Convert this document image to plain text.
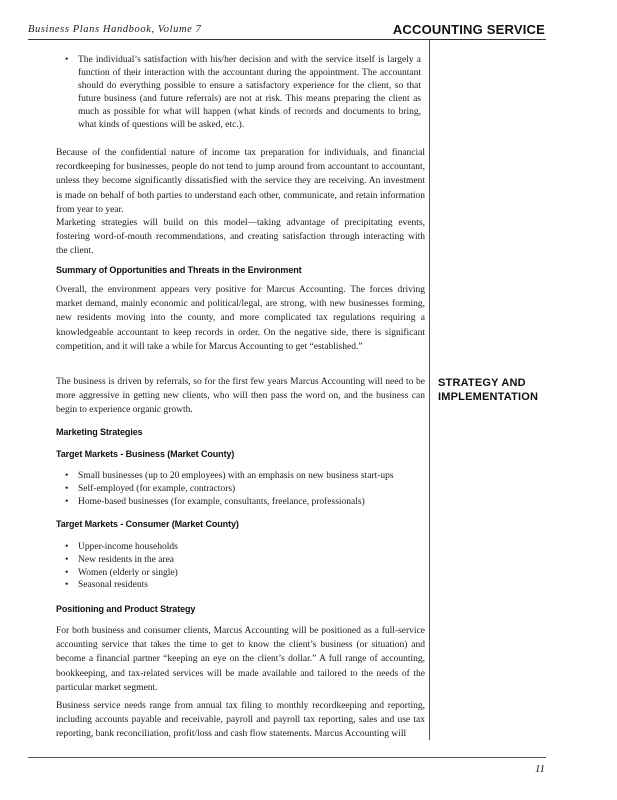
Business Plans Handbook, Volume 7	ACCOUNTING SERVICE
• The individual’s satisfaction with his/her decision and with the service itself is largely a function of their interaction with the accountant during the appointment. The accountant should do everything possible to ensure a satisfactory experience for the client, so that future business (and future referrals) are not at risk. This means preparing the client as much as possible for what will happen (what kinds of records and documents to bring, what kinds of questions will be asked, etc.).

Because of the confidential nature of income tax preparation for individuals, and financial recordkeeping for businesses, people do not tend to jump around from accountant to accountant, unless they become significantly dissatisfied with the service they are receiving. An investment is made on behalf of both parties to understand each other, communicate, and retain information from year to year.

Marketing strategies will build on this model—taking advantage of precipitating events, fostering word-of-mouth recommendations, and creating satisfaction through interacting with the client.

Summary of Opportunities and Threats in the Environment

Overall, the environment appears very positive for Marcus Accounting. The forces driving market demand, mainly economic and political/legal, are strong, with new businesses forming, new residents moving into the county, and more complicated tax regulations requiring a knowledgeable accountant to keep records in order. On the negative side, there is significant competition, and it will take a while for Marcus Accounting to get “established.”

STRATEGY AND
IMPLEMENTATION

The business is driven by referrals, so for the first few years Marcus Accounting will need to be more aggressive in getting new clients, who will then pass the word on, and the business can begin to experience organic growth.

Marketing Strategies
Target Markets - Business (Market County)
• Small businesses (up to 20 employees) with an emphasis on new business start-ups
• Self-employed (for example, contractors)
• Home-based businesses (for example, consultants, freelance, professionals)
Target Markets - Consumer (Market County)
• Upper-income households
• New residents in the area
• Women (elderly or single)
• Seasonal residents
Positioning and Product Strategy

For both business and consumer clients, Marcus Accounting will be positioned as a full-service accounting service that takes the time to get to know the client’s business (or situation) and become a financial partner “keeping an eye on the client’s dollar.” A full range of accounting, bookkeeping, and tax-related services will be made available and tailored to the needs of the particular market segment.

Business service needs range from annual tax filing to monthly recordkeeping and reporting, including accounts payable and receivable, payroll and payroll tax reporting, sales and use tax reporting, bank reconciliation, profit/loss and cash flow statements. Marcus Accounting will

11
